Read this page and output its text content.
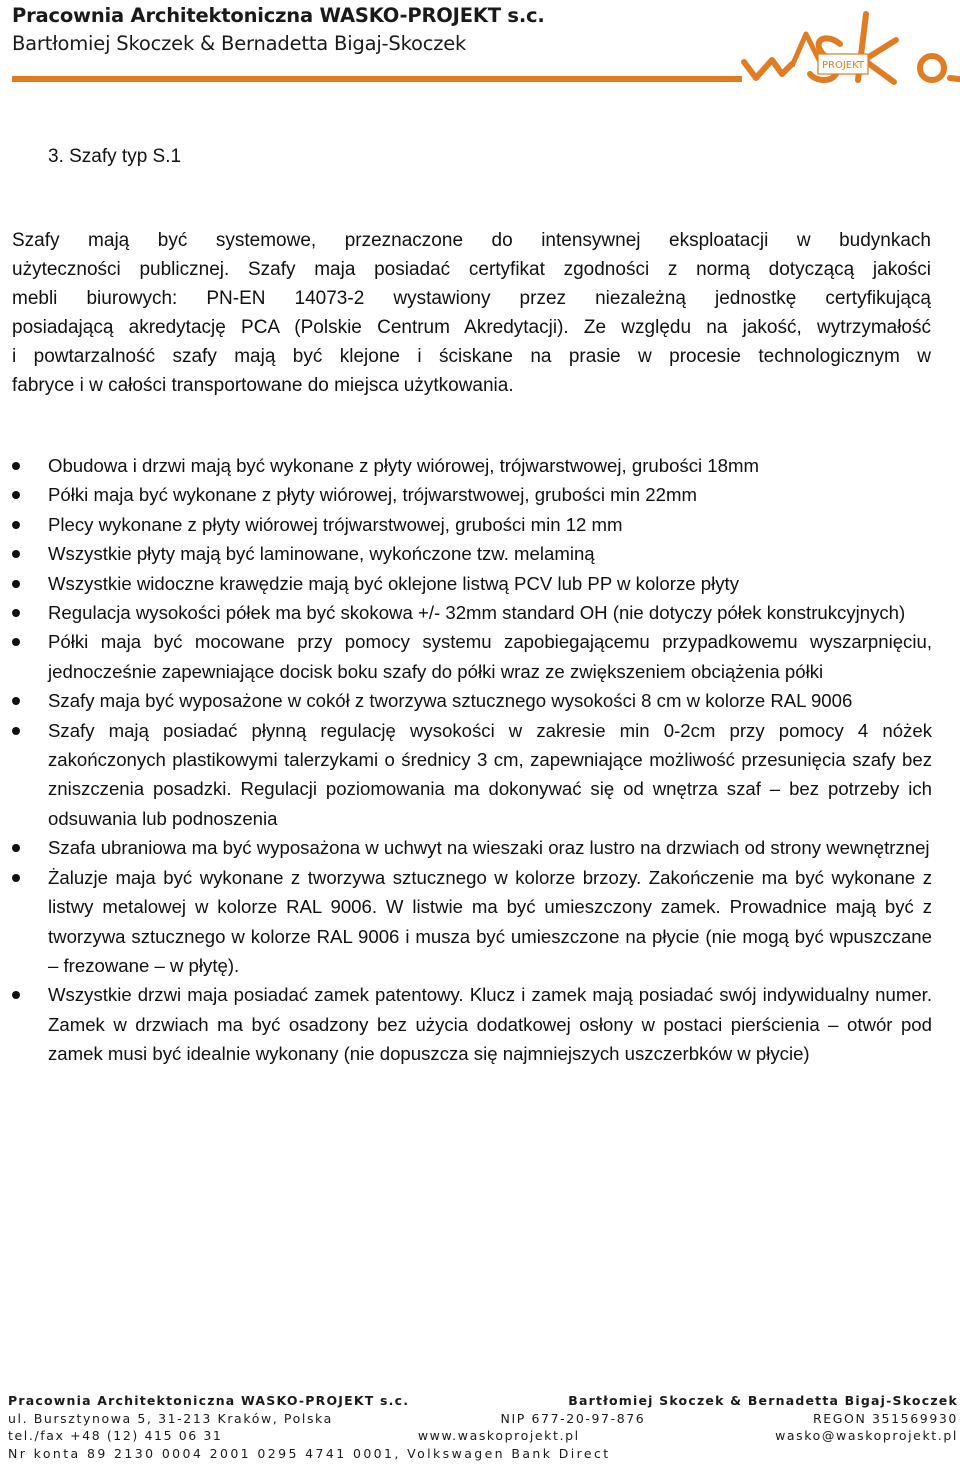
Pracownia Architektoniczna WASKO-PROJEKT s.c.
Bartłomiej Skoczek & Bernadetta Bigaj-Skoczek
PROJEKT
3. Szafy typ S.1

Szafy mają być systemowe, przeznaczone do intensywnej eksploatacji w budynkach
użyteczności publicznej. Szafy maja posiadać certyfikat zgodności z normą dotyczącą jakości
mebli biurowych: PN-EN 14073-2 wystawiony przez niezależną jednostkę certyfikującą
posiadającą akredytację PCA (Polskie Centrum Akredytacji). Ze względu na jakość, wytrzymałość
i powtarzalność szafy mają być klejone i ściskane na prasie w procesie technologicznym w
fabryce i w całości transportowane do miejsca użytkowania.

Obudowa i drzwi mają być wykonane z płyty wiórowej, trójwarstwowej, grubości 18mm
Półki maja być wykonane z płyty wiórowej, trójwarstwowej, grubości min 22mm
Plecy wykonane z płyty wiórowej trójwarstwowej, grubości min 12 mm
Wszystkie płyty mają być laminowane, wykończone tzw. melaminą
Wszystkie widoczne krawędzie mają być oklejone listwą PCV lub PP w kolorze płyty
Regulacja wysokości półek ma być skokowa +/- 32mm standard OH (nie dotyczy półek konstrukcyjnych)
Półki maja być mocowane przy pomocy systemu zapobiegającemu przypadkowemu wyszarpnięciu, jednocześnie zapewniające docisk boku szafy do półki wraz ze zwiększeniem obciążenia półki
Szafy maja być wyposażone w cokół z tworzywa sztucznego wysokości 8 cm w kolorze RAL 9006
Szafy mają posiadać płynną regulację wysokości w zakresie min 0-2cm przy pomocy 4 nóżek zakończonych plastikowymi talerzykami o średnicy 3 cm, zapewniające możliwość przesunięcia szafy bez zniszczenia posadzki. Regulacji poziomowania ma dokonywać się od wnętrza szaf – bez potrzeby ich odsuwania lub podnoszenia
Szafa ubraniowa ma być wyposażona w uchwyt na wieszaki oraz lustro na drzwiach od strony wewnętrznej
Żaluzje maja być wykonane z tworzywa sztucznego w kolorze brzozy. Zakończenie ma być wykonane z listwy metalowej w kolorze RAL 9006. W listwie ma być umieszczony zamek. Prowadnice mają być z tworzywa sztucznego w kolorze RAL 9006 i musza być umieszczone na płycie (nie mogą być wpuszczane – frezowane – w płytę).
Wszystkie drzwi maja posiadać zamek patentowy. Klucz i zamek mają posiadać swój indywidualny numer. Zamek w drzwiach ma być osadzony bez użycia dodatkowej osłony w postaci pierścienia – otwór pod zamek musi być idealnie wykonany (nie dopuszcza się najmniejszych uszczerbków w płycie)
Pracownia Architektoniczna WASKO-PROJEKT s.c.	Bartłomiej Skoczek & Bernadetta Bigaj-Skoczek
ul. Bursztynowa 5, 31-213 Kraków, Polska	NIP 677-20-97-876	REGON 351569930
tel./fax +48 (12) 415 06 31	www.waskoprojekt.pl	wasko@waskoprojekt.pl
Nr konta 89 2130 0004 2001 0295 4741 0001, Volkswagen Bank Direct
